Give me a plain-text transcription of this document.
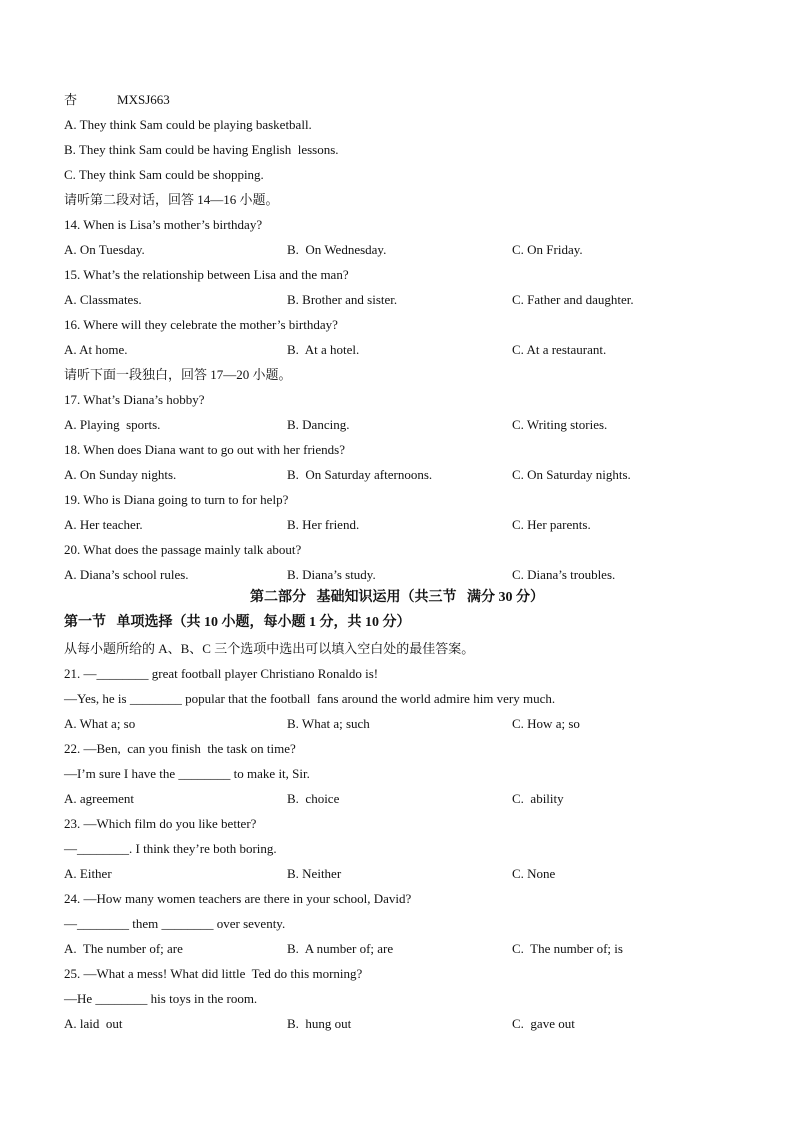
杏	MXSJ663
A. They think Sam could be playing basketball.
B. They think Sam could be having English  lessons.
C. They think Sam could be shopping.
请听第二段对话，回答 14—16 小题。
14. When is Lisa’s mother’s birthday?
A. On Tuesday.	B.  On Wednesday.	C. On Friday.
15. What’s the relationship between Lisa and the man?
A. Classmates.	B. Brother and sister.	C. Father and daughter.
16. Where will they celebrate the mother’s birthday?
A. At home.	B.  At a hotel.	C. At a restaurant.
请听下面一段独白，回答 17—20 小题。
17. What’s Diana’s hobby?
A. Playing  sports.	B. Dancing.	C. Writing stories.
18. When does Diana want to go out with her friends?
A. On Sunday nights.	B.  On Saturday afternoons.	C. On Saturday nights.
19. Who is Diana going to turn to for help?
A. Her teacher.	B. Her friend.	C. Her parents.
20. What does the passage mainly talk about?
A. Diana’s school rules.	B. Diana’s study.	C. Diana’s troubles.
第二部分   基础知识运用（共三节   满分 30 分）
第一节   单项选择（共 10 小题，每小题 1 分，共 10 分）
从每小题所给的 A、B、C 三个选项中选出可以填入空白处的最佳答案。
21. —________ great football player Christiano Ronaldo is!
—Yes, he is ________ popular that the football  fans around the world admire him very much.
A. What a; so	B. What a; such	C. How a; so
22. —Ben,  can you finish  the task on time?
—I’m sure I have the ________ to make it, Sir.
A. agreement	B.  choice	C.  ability
23. —Which film do you like better?
—________. I think they’re both boring.
A. Either	B. Neither	C. None
24. —How many women teachers are there in your school, David?
—________ them ________ over seventy.
A.  The number of; are	B.  A number of; are	C.  The number of; is
25. —What a mess! What did little  Ted do this morning?
—He ________ his toys in the room.
A. laid  out	B.  hung out	C.  gave out
